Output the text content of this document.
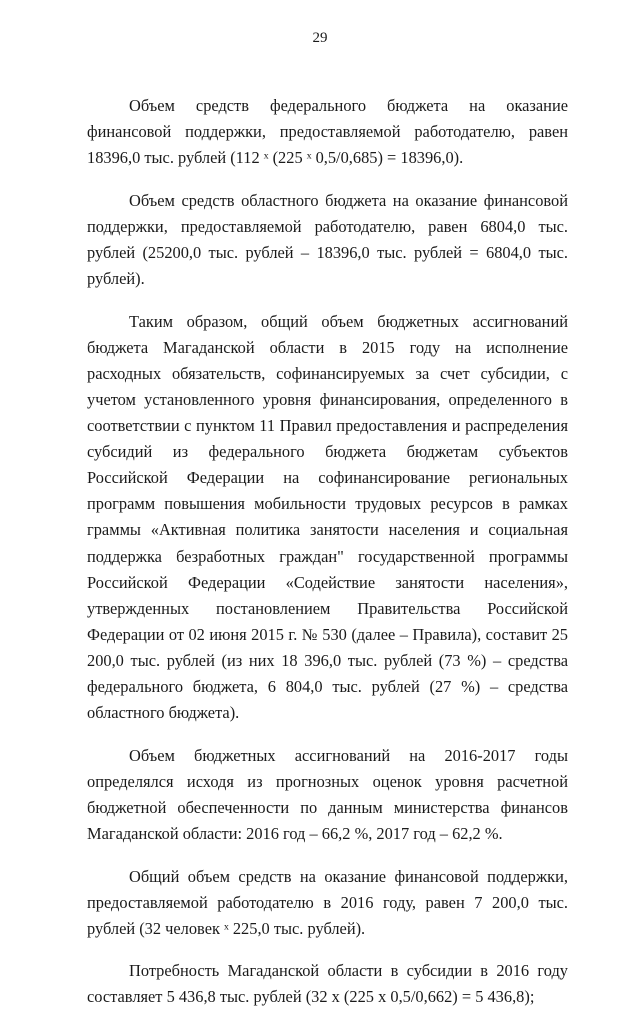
29

Объем средств федерального бюджета на оказание финансовой поддержки, предоставляемой работодателю, равен 18396,0 тыс. рублей (112 ˣ (225 ˣ 0,5/0,685) = 18396,0).

Объем средств областного бюджета на оказание финансовой поддержки, предоставляемой работодателю, равен 6804,0 тыс. рублей (25200,0 тыс. рублей – 18396,0 тыс. рублей = 6804,0 тыс. рублей).

Таким образом, общий объем бюджетных ассигнований бюджета Магаданской области в 2015 году на исполнение расходных обязательств, софинансируемых за счет субсидии, с учетом установленного уровня финансирования, определенного в соответствии с пунктом 11 Правил предоставления и распределения субсидий из федерального бюджета бюджетам субъектов Российской Федерации на софинансирование региональных программ повышения мобильности трудовых ресурсов в рамках граммы «Активная политика занятости населения и социальная поддержка безработных граждан" государственной программы Российской Федерации «Содействие занятости населения», утвержденных постановлением Правительства Российской Федерации от 02 июня 2015 г. № 530 (далее – Правила), составит 25 200,0 тыс. рублей (из них 18 396,0 тыс. рублей (73 %) – средства федерального бюджета, 6 804,0 тыс. рублей (27 %) – средства областного бюджета).

Объем бюджетных ассигнований на 2016-2017 годы определялся исходя из прогнозных оценок уровня расчетной бюджетной обеспеченности по данным министерства финансов Магаданской области: 2016 год – 66,2 %, 2017 год – 62,2 %.

Общий объем средств на оказание финансовой поддержки, предоставляемой работодателю в 2016 году, равен 7 200,0 тыс. рублей (32 человек ˣ 225,0 тыс. рублей).

Потребность Магаданской области в субсидии в 2016 году составляет 5 436,8 тыс. рублей (32 х (225 х 0,5/0,662) = 5 436,8);
